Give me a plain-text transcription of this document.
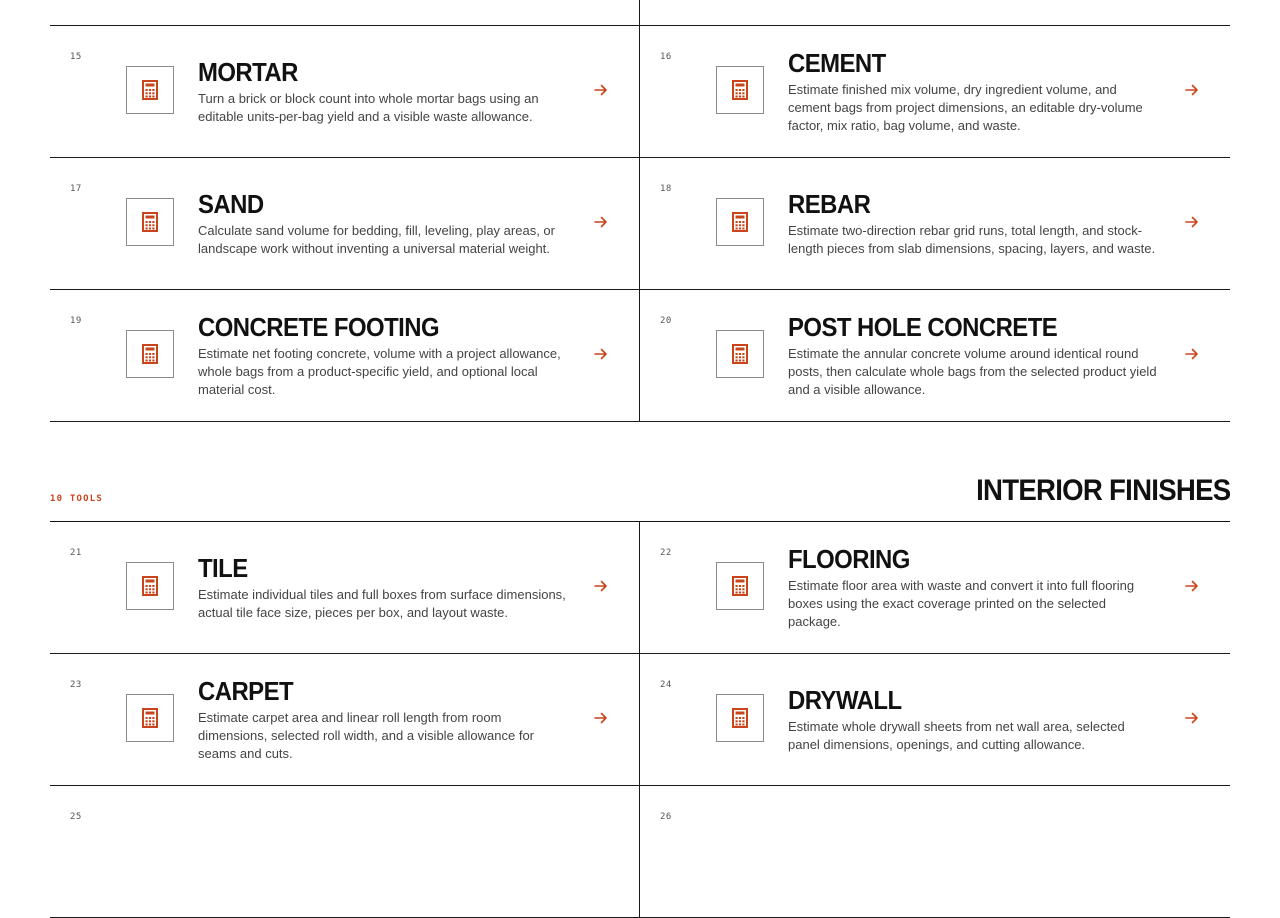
15	MORTAR

Turn a brick or block count into whole mortar bags using an editable units-per-bag yield and a visible waste allowance.

16	CEMENT

Estimate finished mix volume, dry ingredient volume, and cement bags from project dimensions, an editable dry-volume factor, mix ratio, bag volume, and waste.

17	SAND

Calculate sand volume for bedding, fill, leveling, play areas, or landscape work without inventing a universal material weight.

18	REBAR

Estimate two-direction rebar grid runs, total length, and stock-length pieces from slab dimensions, spacing, layers, and waste.

19	CONCRETE FOOTING

Estimate net footing concrete, volume with a project allowance, whole bags from a product-specific yield, and optional local material cost.

20	POST HOLE CONCRETE

Estimate the annular concrete volume around identical round posts, then calculate whole bags from the selected product yield and a visible allowance.

10 TOOLS	INTERIOR FINISHES
21	TILE

Estimate individual tiles and full boxes from surface dimensions, actual tile face size, pieces per box, and layout waste.

22	FLOORING

Estimate floor area with waste and convert it into full flooring boxes using the exact coverage printed on the selected package.

23	CARPET

Estimate carpet area and linear roll length from room dimensions, selected roll width, and a visible allowance for seams and cuts.

24	DRYWALL

Estimate whole drywall sheets from net wall area, selected panel dimensions, openings, and cutting allowance.

25	26
